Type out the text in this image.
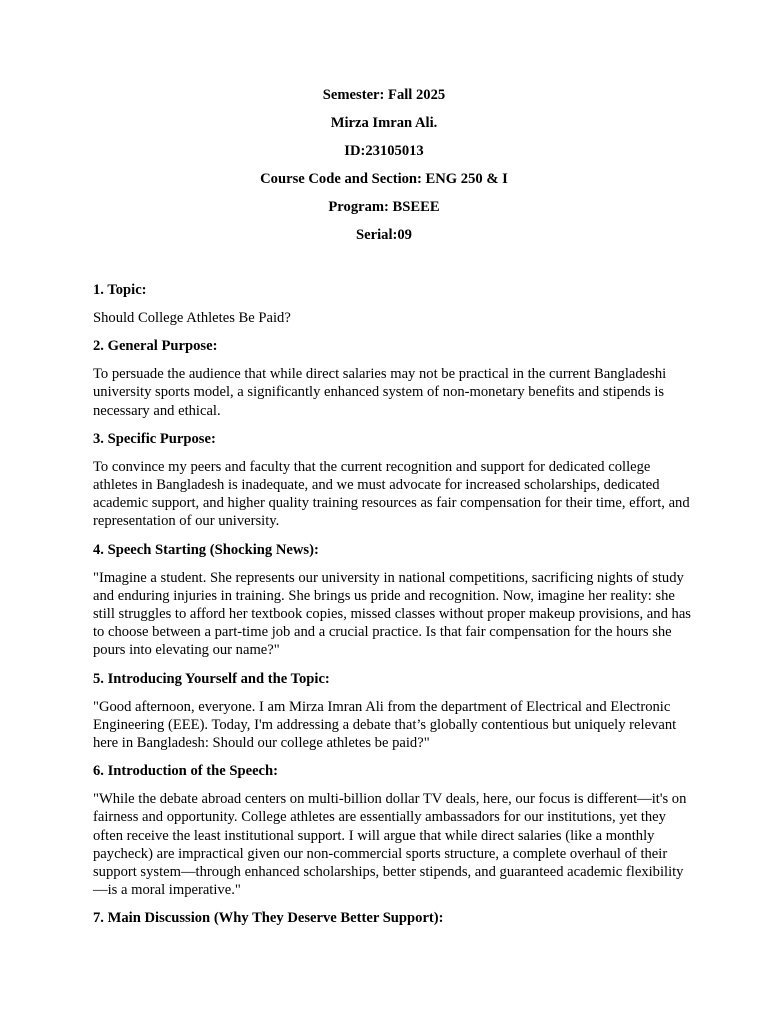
Semester: Fall 2025
Mirza Imran Ali.
ID:23105013
Course Code and Section: ENG 250 & I
Program: BSEEE
Serial:09
1. Topic:

Should College Athletes Be Paid?

2. General Purpose:

To persuade the audience that while direct salaries may not be practical in the current Bangladeshi university sports model, a significantly enhanced system of non-monetary benefits and stipends is necessary and ethical.

3. Specific Purpose:

To convince my peers and faculty that the current recognition and support for dedicated college athletes in Bangladesh is inadequate, and we must advocate for increased scholarships, dedicated academic support, and higher quality training resources as fair compensation for their time, effort, and representation of our university.

4. Speech Starting (Shocking News):

"Imagine a student. She represents our university in national competitions, sacrificing nights of study and enduring injuries in training. She brings us pride and recognition. Now, imagine her reality: she still struggles to afford her textbook copies, missed classes without proper makeup provisions, and has to choose between a part-time job and a crucial practice. Is that fair compensation for the hours she pours into elevating our name?"

5. Introducing Yourself and the Topic:

"Good afternoon, everyone. I am Mirza Imran Ali from the department of Electrical and Electronic Engineering (EEE). Today, I'm addressing a debate that’s globally contentious but uniquely relevant here in Bangladesh: Should our college athletes be paid?"

6. Introduction of the Speech:

"While the debate abroad centers on multi-billion dollar TV deals, here, our focus is different—it's on fairness and opportunity. College athletes are essentially ambassadors for our institutions, yet they often receive the least institutional support. I will argue that while direct salaries (like a monthly paycheck) are impractical given our non-commercial sports structure, a complete overhaul of their support system—through enhanced scholarships, better stipends, and guaranteed academic flexibility—is a moral imperative."

7. Main Discussion (Why They Deserve Better Support):
